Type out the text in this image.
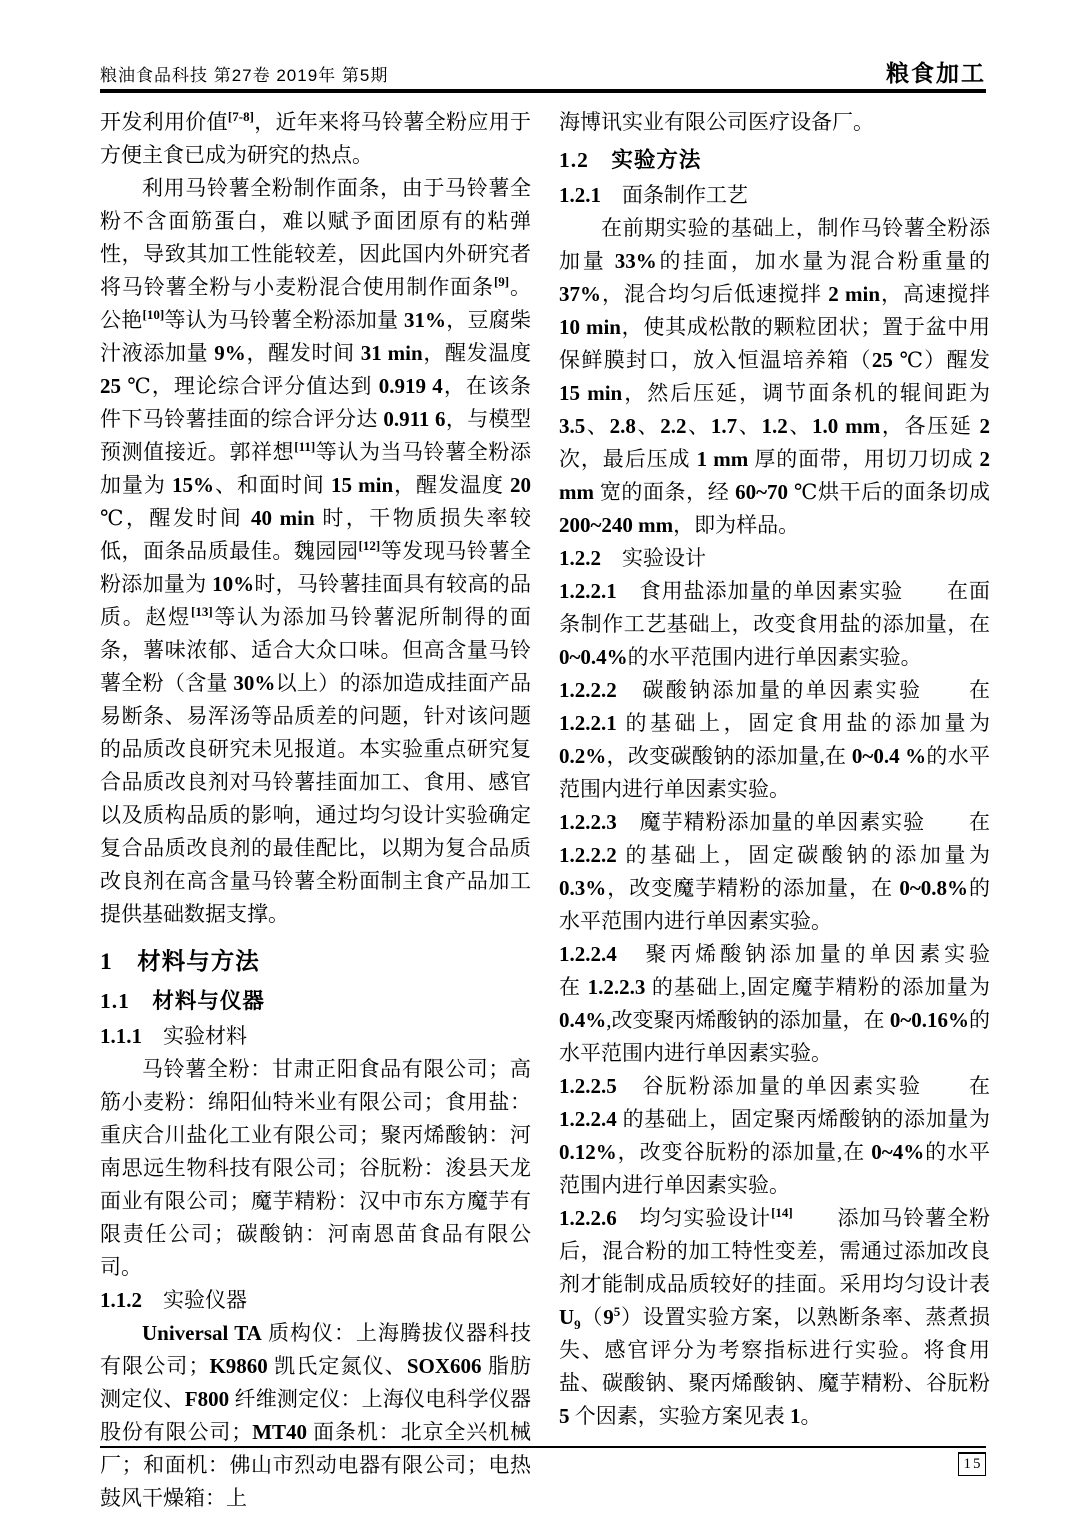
粮油食品科技 第27卷 2019年 第5期	粮食加工

开发利用价值[7-8]，近年来将马铃薯全粉应用于方便主食已成为研究的热点。

利用马铃薯全粉制作面条，由于马铃薯全粉不含面筋蛋白，难以赋予面团原有的粘弹性，导致其加工性能较差，因此国内外研究者将马铃薯全粉与小麦粉混合使用制作面条[9]。公艳[10]等认为马铃薯全粉添加量 31%，豆腐柴汁液添加量 9%，醒发时间 31 min，醒发温度 25 ℃，理论综合评分值达到 0.919 4，在该条件下马铃薯挂面的综合评分达 0.911 6，与模型预测值接近。郭祥想[11]等认为当马铃薯全粉添加量为 15%、和面时间 15 min，醒发温度 20 ℃，醒发时间 40 min 时，干物质损失率较低，面条品质最佳。魏园园[12]等发现马铃薯全粉添加量为 10%时，马铃薯挂面具有较高的品质。赵煜[13]等认为添加马铃薯泥所制得的面条，薯味浓郁、适合大众口味。但高含量马铃薯全粉（含量 30%以上）的添加造成挂面产品易断条、易浑汤等品质差的问题，针对该问题的品质改良研究未见报道。本实验重点研究复合品质改良剂对马铃薯挂面加工、食用、感官以及质构品质的影响，通过均匀设计实验确定复合品质改良剂的最佳配比，以期为复合品质改良剂在高含量马铃薯全粉面制主食产品加工提供基础数据支撑。

1　材料与方法
1.1　材料与仪器

1.1.1　实验材料

马铃薯全粉：甘肃正阳食品有限公司；高筋小麦粉：绵阳仙特米业有限公司；食用盐：重庆合川盐化工业有限公司；聚丙烯酸钠：河南思远生物科技有限公司；谷朊粉：浚县天龙面业有限公司；魔芋精粉：汉中市东方魔芋有限责任公司；碳酸钠：河南恩苗食品有限公司。

1.1.2　实验仪器

Universal TA 质构仪：上海腾拔仪器科技有限公司；K9860 凯氏定氮仪、SOX606 脂肪测定仪、F800 纤维测定仪：上海仪电科学仪器股份有限公司；MT40 面条机：北京全兴机械厂；和面机：佛山市烈动电器有限公司；电热鼓风干燥箱：上

海博讯实业有限公司医疗设备厂。

1.2　实验方法

1.2.1　面条制作工艺

在前期实验的基础上，制作马铃薯全粉添加量 33%的挂面，加水量为混合粉重量的 37%，混合均匀后低速搅拌 2 min，高速搅拌 10 min，使其成松散的颗粒团状；置于盆中用保鲜膜封口，放入恒温培养箱（25 ℃）醒发 15 min，然后压延，调节面条机的辊间距为 3.5、2.8、2.2、1.7、1.2、1.0 mm，各压延 2 次，最后压成 1 mm 厚的面带，用切刀切成 2 mm 宽的面条，经 60~70 ℃烘干后的面条切成 200~240 mm，即为样品。

1.2.2　实验设计

1.2.2.1　食用盐添加量的单因素实验　　在面条制作工艺基础上，改变食用盐的添加量，在 0~0.4%的水平范围内进行单因素实验。

1.2.2.2　碳酸钠添加量的单因素实验　　在 1.2.2.1 的基础上，固定食用盐的添加量为 0.2%，改变碳酸钠的添加量,在 0~0.4 %的水平范围内进行单因素实验。

1.2.2.3　魔芋精粉添加量的单因素实验　　在 1.2.2.2 的基础上，固定碳酸钠的添加量为 0.3%，改变魔芋精粉的添加量，在 0~0.8%的水平范围内进行单因素实验。

1.2.2.4　聚丙烯酸钠添加量的单因素实验　　在 1.2.2.3 的基础上,固定魔芋精粉的添加量为 0.4%,改变聚丙烯酸钠的添加量，在 0~0.16%的水平范围内进行单因素实验。

1.2.2.5　谷朊粉添加量的单因素实验　　在 1.2.2.4 的基础上，固定聚丙烯酸钠的添加量为 0.12%，改变谷朊粉的添加量,在 0~4%的水平范围内进行单因素实验。

1.2.2.6　均匀实验设计[14]　　添加马铃薯全粉后，混合粉的加工特性变差，需通过添加改良剂才能制成品质较好的挂面。采用均匀设计表 $U_9(9^5)$设置实验方案，以熟断条率、蒸煮损失、感官评分为考察指标进行实验。将食用盐、碳酸钠、聚丙烯酸钠、魔芋精粉、谷朊粉 5 个因素，实验方案见表 1。

15
